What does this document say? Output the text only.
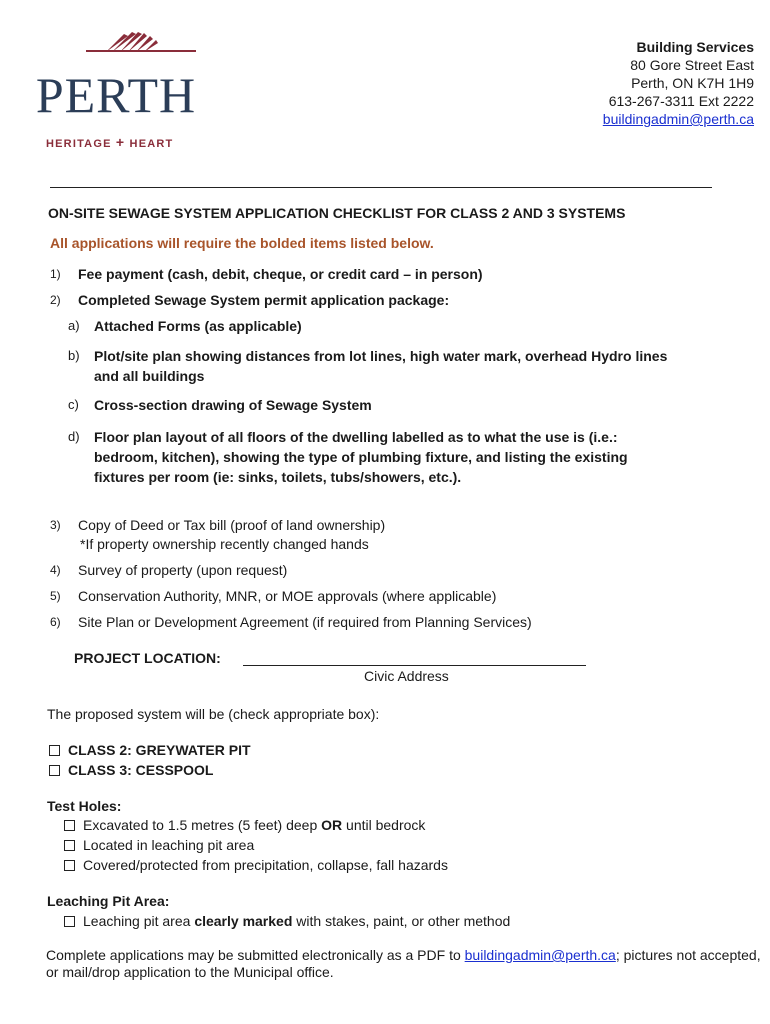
PERTH
HERITAGE + HEART
Building Services
80 Gore Street East
Perth, ON K7H 1H9
613-267-3311 Ext 2222
buildingadmin@perth.ca
ON-SITE SEWAGE SYSTEM APPLICATION CHECKLIST FOR CLASS 2 AND 3 SYSTEMS
All applications will require the bolded items listed below.
1) Fee payment (cash, debit, cheque, or credit card – in person)
2) Completed Sewage System permit application package:
a) Attached Forms (as applicable)
b) Plot/site plan showing distances from lot lines, high water mark, overhead Hydro lines
and all buildings
c) Cross-section drawing of Sewage System
d) Floor plan layout of all floors of the dwelling labelled as to what the use is (i.e.:
bedroom, kitchen), showing the type of plumbing fixture, and listing the existing
fixtures per room (ie: sinks, toilets, tubs/showers, etc.).
3) Copy of Deed or Tax bill (proof of land ownership)
*If property ownership recently changed hands
4) Survey of property (upon request)
5) Conservation Authority, MNR, or MOE approvals (where applicable)
6) Site Plan or Development Agreement (if required from Planning Services)
PROJECT LOCATION:
Civic Address
The proposed system will be (check appropriate box):
CLASS 2: GREYWATER PIT
CLASS 3: CESSPOOL
Test Holes:
Excavated to 1.5 metres (5 feet) deep OR until bedrock
Located in leaching pit area
Covered/protected from precipitation, collapse, fall hazards
Leaching Pit Area:
Leaching pit area clearly marked with stakes, paint, or other method
Complete applications may be submitted electronically as a PDF to buildingadmin@perth.ca; pictures not accepted, or mail/drop application to the Municipal office.
